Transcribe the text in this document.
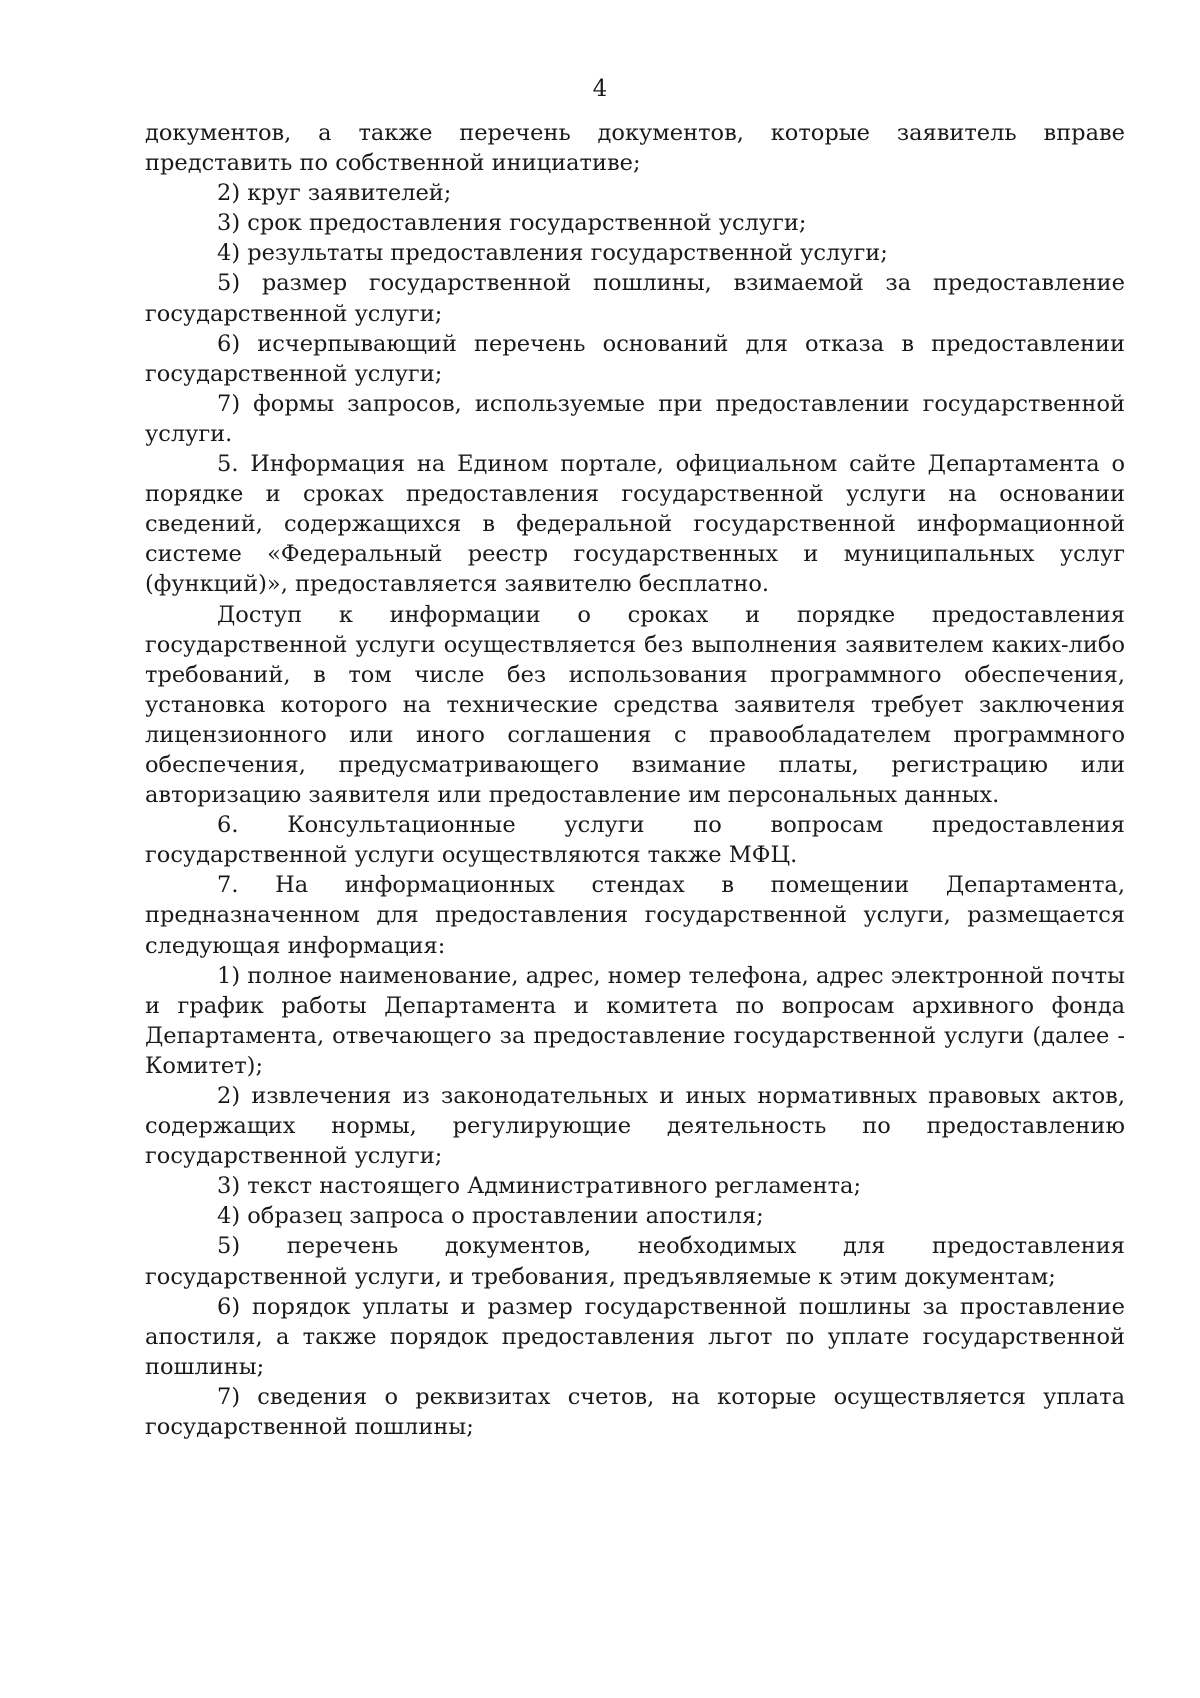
4

документов, а также перечень документов, которые заявитель вправе представить по собственной инициативе;

2) круг заявителей;

3) срок предоставления государственной услуги;

4) результаты предоставления государственной услуги;

5) размер государственной пошлины, взимаемой за предоставление государственной услуги;

6) исчерпывающий перечень оснований для отказа в предоставлении государственной услуги;

7) формы запросов, используемые при предоставлении государственной услуги.

5. Информация на Едином портале, официальном сайте Департамента о порядке и сроках предоставления государственной услуги на основании сведений, содержащихся в федеральной государственной информационной системе «Федеральный реестр государственных и муниципальных услуг (функций)», предоставляется заявителю бесплатно.

Доступ к информации о сроках и порядке предоставления государственной услуги осуществляется без выполнения заявителем каких-либо требований, в том числе без использования программного обеспечения, установка которого на технические средства заявителя требует заключения лицензионного или иного соглашения с правообладателем программного обеспечения, предусматривающего взимание платы, регистрацию или авторизацию заявителя или предоставление им персональных данных.

6. Консультационные услуги по вопросам предоставления государственной услуги осуществляются также МФЦ.

7. На информационных стендах в помещении Департамента, предназначенном для предоставления государственной услуги, размещается следующая информация:

1) полное наименование, адрес, номер телефона, адрес электронной почты и график работы Департамента и комитета по вопросам архивного фонда Департамента, отвечающего за предоставление государственной услуги (далее - Комитет);

2) извлечения из законодательных и иных нормативных правовых актов, содержащих нормы, регулирующие деятельность по предоставлению государственной услуги;

3) текст настоящего Административного регламента;

4) образец запроса о проставлении апостиля;

5) перечень документов, необходимых для предоставления государственной услуги, и требования, предъявляемые к этим документам;

6) порядок уплаты и размер государственной пошлины за проставление апостиля, а также порядок предоставления льгот по уплате государственной пошлины;

7) сведения о реквизитах счетов, на которые осуществляется уплата государственной пошлины;
